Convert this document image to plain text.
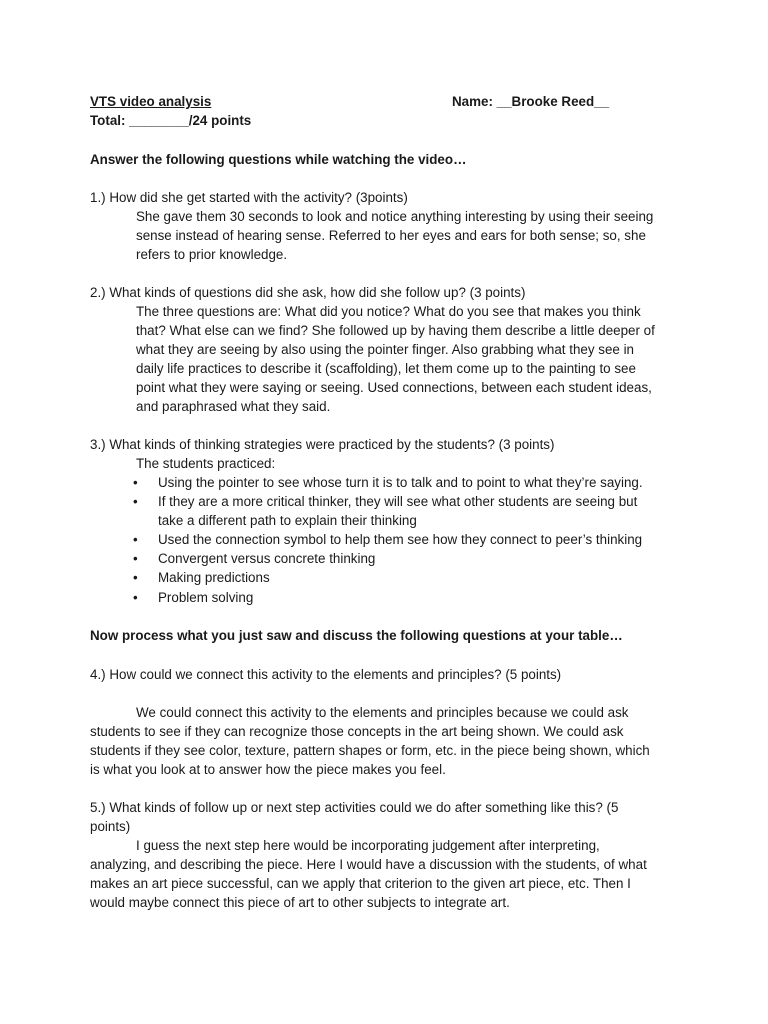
VTS video analysis	Name: __Brooke Reed__

Total: ________/24 points

Answer the following questions while watching the video…

1.) How did she get started with the activity? (3points)

She gave them 30 seconds to look and notice anything interesting by using their seeing

sense instead of hearing sense. Referred to her eyes and ears for both sense; so, she

refers to prior knowledge.

2.) What kinds of questions did she ask, how did she follow up? (3 points)

The three questions are: What did you notice? What do you see that makes you think

that? What else can we find? She followed up by having them describe a little deeper of

what they are seeing by also using the pointer finger. Also grabbing what they see in

daily life practices to describe it (scaffolding), let them come up to the painting to see

point what they were saying or seeing. Used connections, between each student ideas,

and paraphrased what they said.

3.) What kinds of thinking strategies were practiced by the students? (3 points)

The students practiced:

• Using the pointer to see whose turn it is to talk and to point to what they’re saying.

• If they are a more critical thinker, they will see what other students are seeing but

take a different path to explain their thinking

• Used the connection symbol to help them see how they connect to peer’s thinking

• Convergent versus concrete thinking

• Making predictions

• Problem solving

Now process what you just saw and discuss the following questions at your table…

4.) How could we connect this activity to the elements and principles? (5 points)

We could connect this activity to the elements and principles because we could ask

students to see if they can recognize those concepts in the art being shown. We could ask

students if they see color, texture, pattern shapes or form, etc. in the piece being shown, which

is what you look at to answer how the piece makes you feel.

5.) What kinds of follow up or next step activities could we do after something like this? (5

points)

I guess the next step here would be incorporating judgement after interpreting,

analyzing, and describing the piece. Here I would have a discussion with the students, of what

makes an art piece successful, can we apply that criterion to the given art piece, etc. Then I

would maybe connect this piece of art to other subjects to integrate art.
